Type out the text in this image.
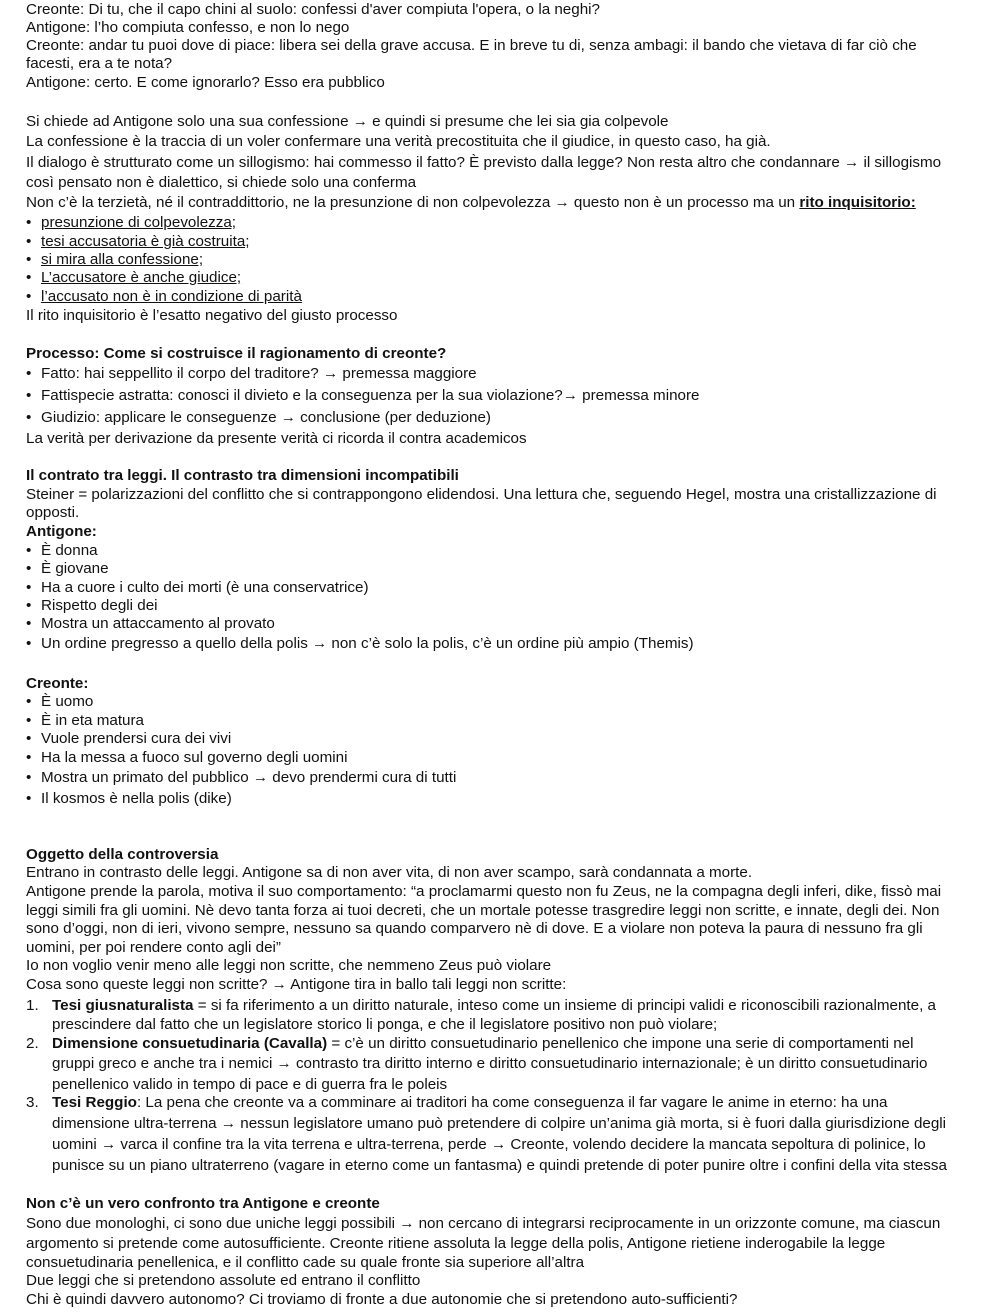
Creonte: Di tu, che il capo chini al suolo: confessi d'aver compiuta l'opera, o la neghi?
Antigone: l’ho compiuta confesso, e non lo nego
Creonte: andar tu puoi dove di piace: libera sei della grave accusa. E in breve tu di, senza ambagi: il bando che vietava di far ciò che
facesti, era a te nota?
Antigone: certo. E come ignorarlo? Esso era pubblico
Si chiede ad Antigone solo una sua confessione → e quindi si presume che lei sia gia colpevole
La confessione è la traccia di un voler confermare una verità precostituita che il giudice, in questo caso, ha già.
Il dialogo è strutturato come un sillogismo: hai commesso il fatto? È previsto dalla legge? Non resta altro che condannare → il sillogismo
così pensato non è dialettico, si chiede solo una conferma
Non c’è la terzietà, né il contraddittorio, ne la presunzione di non colpevolezza → questo non è un processo ma un rito inquisitorio:
• presunzione di colpevolezza;
• tesi accusatoria è già costruita;
• si mira alla confessione;
• L’accusatore è anche giudice;
• l’accusato non è in condizione di parità
Il rito inquisitorio è l’esatto negativo del giusto processo
Processo: Come si costruisce il ragionamento di creonte?
• Fatto: hai seppellito il corpo del traditore? → premessa maggiore
• Fattispecie astratta: conosci il divieto e la conseguenza per la sua violazione?→ premessa minore
• Giudizio: applicare le conseguenze → conclusione (per deduzione)
La verità per derivazione da presente verità ci ricorda il contra academicos
Il contrato tra leggi. Il contrasto tra dimensioni incompatibili
Steiner = polarizzazioni del conflitto che si contrappongono elidendosi. Una lettura che, seguendo Hegel, mostra una cristallizzazione di
opposti.
Antigone:
• È donna
• È giovane
• Ha a cuore i culto dei morti (è una conservatrice)
• Rispetto degli dei
• Mostra un attaccamento al provato
• Un ordine pregresso a quello della polis → non c’è solo la polis, c’è un ordine più ampio (Themis)
Creonte:
• È uomo
• È in eta matura
• Vuole prendersi cura dei vivi
• Ha la messa a fuoco sul governo degli uomini
• Mostra un primato del pubblico → devo prendermi cura di tutti
• Il kosmos è nella polis (dike)
Oggetto della controversia
Entrano in contrasto delle leggi. Antigone sa di non aver vita, di non aver scampo, sarà condannata a morte.
Antigone prende la parola, motiva il suo comportamento: “a proclamarmi questo non fu Zeus, ne la compagna degli inferi, dike, fissò mai
leggi simili fra gli uomini. Nè devo tanta forza ai tuoi decreti, che un mortale potesse trasgredire leggi non scritte, e innate, degli dei. Non
sono d’oggi, non di ieri, vivono sempre, nessuno sa quando comparvero nè di dove. E a violare non poteva la paura di nessuno fra gli
uomini, per poi rendere conto agli dei”
Io non voglio venir meno alle leggi non scritte, che nemmeno Zeus può violare
Cosa sono queste leggi non scritte? → Antigone tira in ballo tali leggi non scritte:
1. Tesi giusnaturalista = si fa riferimento a un diritto naturale, inteso come un insieme di principi validi e riconoscibili razionalmente, a
prescindere dal fatto che un legislatore storico li ponga, e che il legislatore positivo non può violare;
2. Dimensione consuetudinaria (Cavalla) = c’è un diritto consuetudinario penellenico che impone una serie di comportamenti nel
gruppi greco e anche tra i nemici → contrasto tra diritto interno e diritto consuetudinario internazionale; è un diritto consuetudinario
penellenico valido in tempo di pace e di guerra fra le poleis
3. Tesi Reggio: La pena che creonte va a comminare ai traditori ha come conseguenza il far vagare le anime in eterno: ha una
dimensione ultra-terrena → nessun legislatore umano può pretendere di colpire un’anima già morta, si è fuori dalla giurisdizione degli
uomini → varca il confine tra la vita terrena e ultra-terrena, perde → Creonte, volendo decidere la mancata sepoltura di polinice, lo
punisce su un piano ultraterreno (vagare in eterno come un fantasma) e quindi pretende di poter punire oltre i confini della vita stessa
Non c’è un vero confronto tra Antigone e creonte
Sono due monologhi, ci sono due uniche leggi possibili → non cercano di integrarsi reciprocamente in un orizzonte comune, ma ciascun
argomento si pretende come autosufficiente. Creonte ritiene assoluta la legge della polis, Antigone rietiene inderogabile la legge
consuetudinaria penellenica, e il conflitto cade su quale fronte sia superiore all’altra
Due leggi che si pretendono assolute ed entrano il conflitto
Chi è quindi davvero autonomo? Ci troviamo di fronte a due autonomie che si pretendono auto-sufficienti?
